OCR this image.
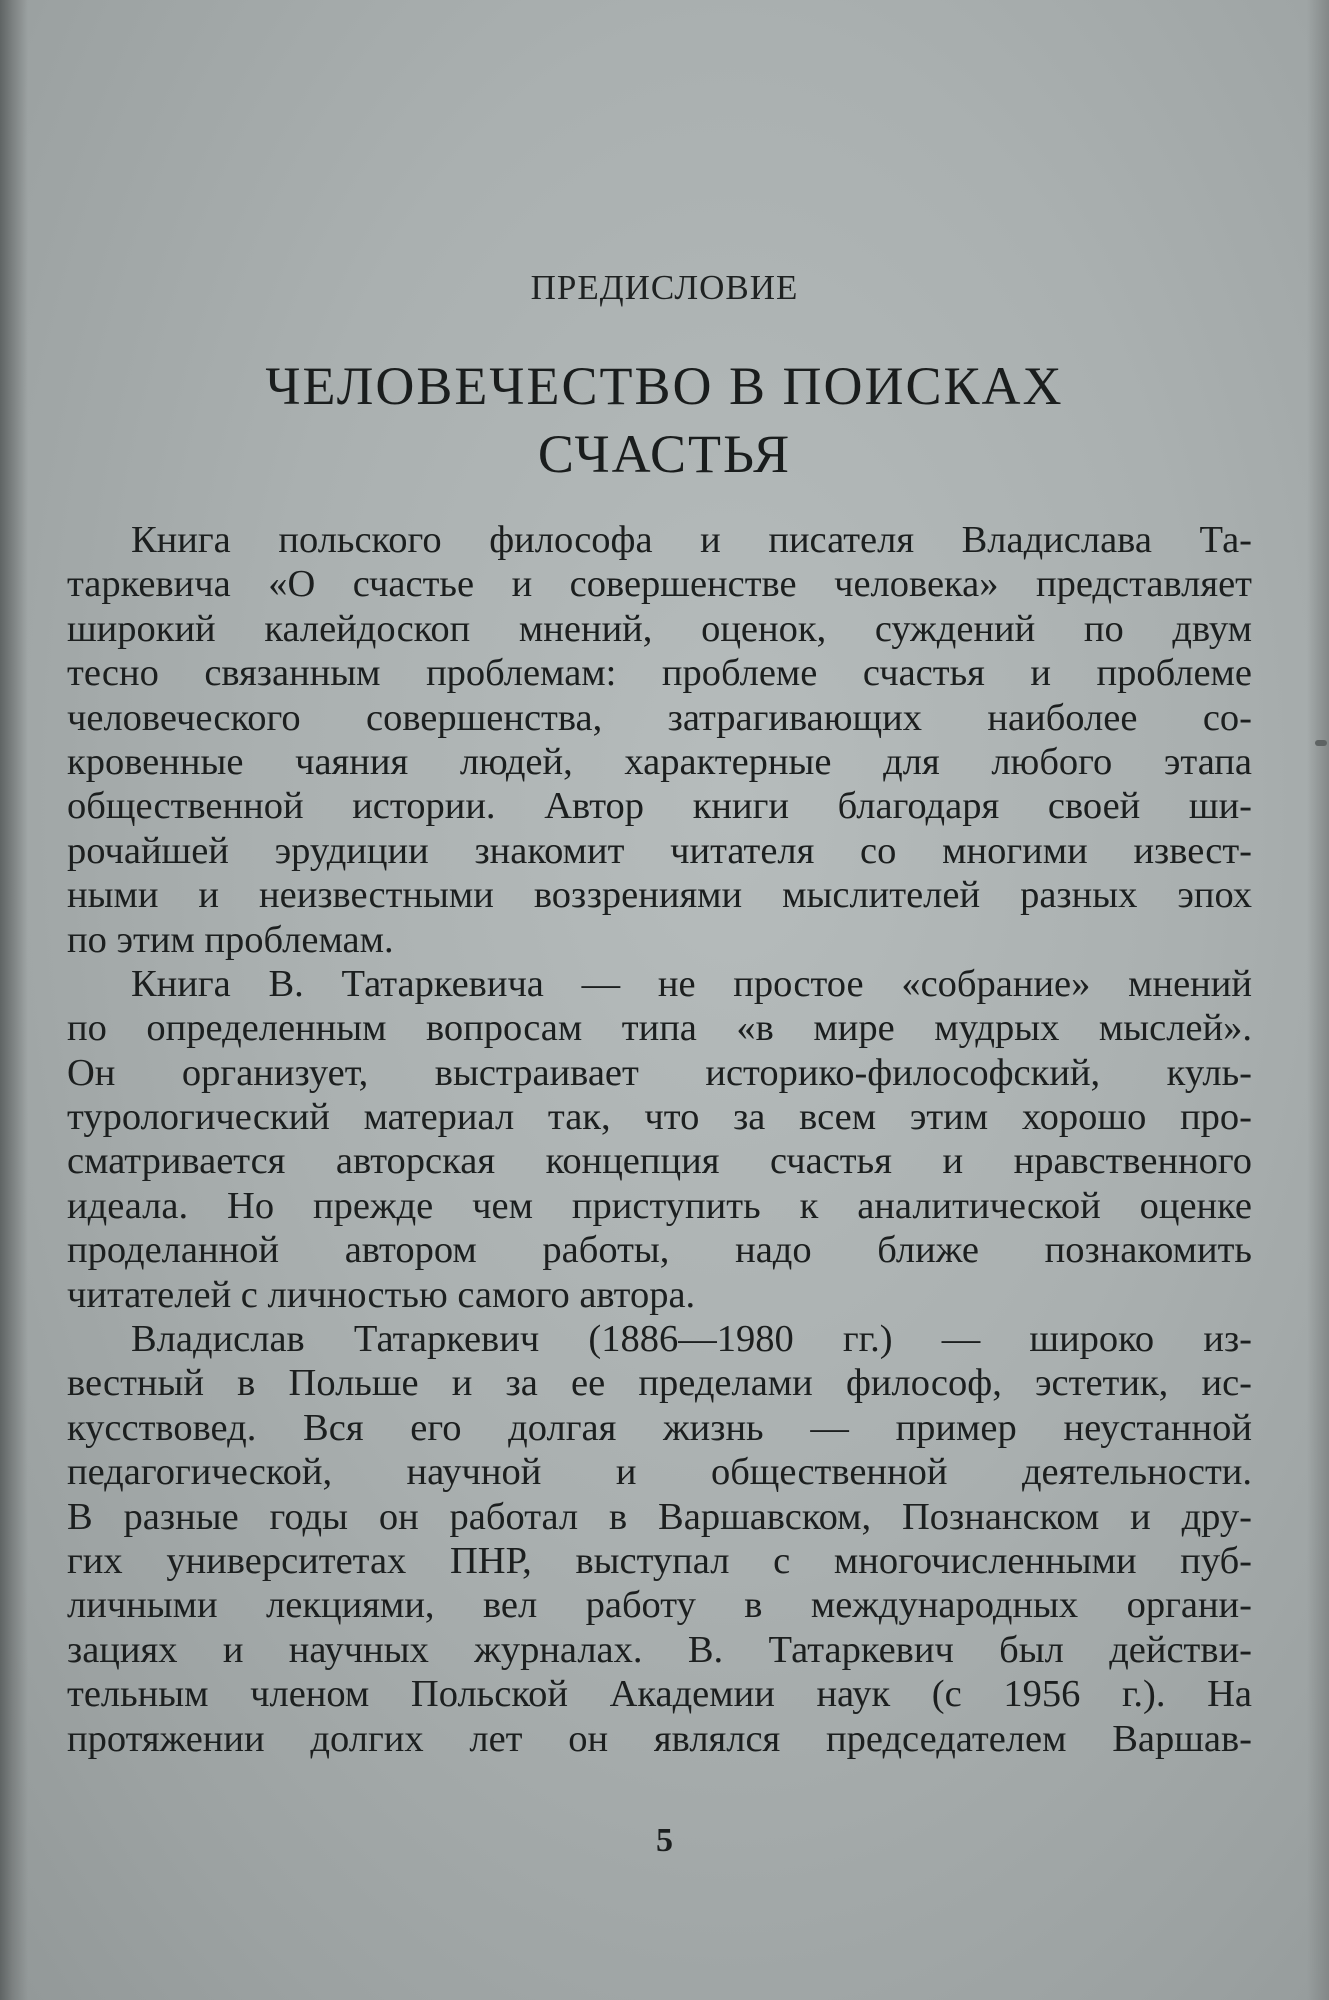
ПРЕДИСЛОВИЕ
ЧЕЛОВЕЧЕСТВО В ПОИСКАХ
СЧАСТЬЯ
Книга польского философа и писателя Владислава Та-
таркевича «О счастье и совершенстве человека» представляет
широкий калейдоскоп мнений, оценок, суждений по двум
тесно связанным проблемам: проблеме счастья и проблеме
человеческого совершенства, затрагивающих наиболее со-
кровенные чаяния людей, характерные для любого этапа
общественной истории. Автор книги благодаря своей ши-
рочайшей эрудиции знакомит читателя со многими извест-
ными и неизвестными воззрениями мыслителей разных эпох
по этим проблемам.
Книга В. Татаркевича — не простое «собрание» мнений
по определенным вопросам типа «в мире мудрых мыслей».
Он организует, выстраивает историко-философский, куль-
турологический материал так, что за всем этим хорошо про-
сматривается авторская концепция счастья и нравственного
идеала. Но прежде чем приступить к аналитической оценке
проделанной автором работы, надо ближе познакомить
читателей с личностью самого автора.
Владислав Татаркевич (1886—1980 гг.) — широко из-
вестный в Польше и за ее пределами философ, эстетик, ис-
кусствовед. Вся его долгая жизнь — пример неустанной
педагогической, научной и общественной деятельности.
В разные годы он работал в Варшавском, Познанском и дру-
гих университетах ПНР, выступал с многочисленными пуб-
личными лекциями, вел работу в международных органи-
зациях и научных журналах. В. Татаркевич был действи-
тельным членом Польской Академии наук (с 1956 г.). На
протяжении долгих лет он являлся председателем Варшав-
5
